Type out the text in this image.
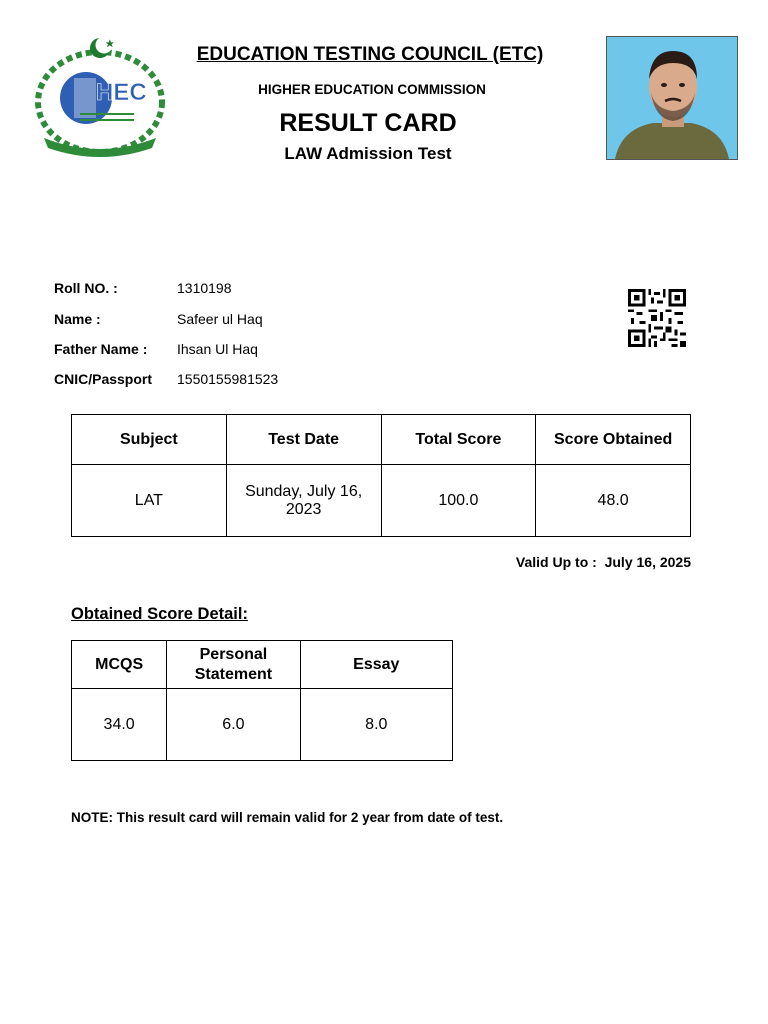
HEC
EDUCATION TESTING COUNCIL (ETC)
HIGHER EDUCATION COMMISSION
RESULT CARD
LAW Admission Test
Roll NO. :	1310198
Name :	Safeer ul Haq
Father Name : Ihsan Ul Haq
CNIC/Passport 1550155981523
Subject	Test Date	Total Score	Score Obtained
LAT	Sunday, July 16, 2023	100.0	48.0
Valid Up to : July 16, 2025
Obtained Score Detail:
MCQS	Personal Statement	Essay
34.0	6.0	8.0
NOTE: This result card will remain valid for 2 year from date of test.
